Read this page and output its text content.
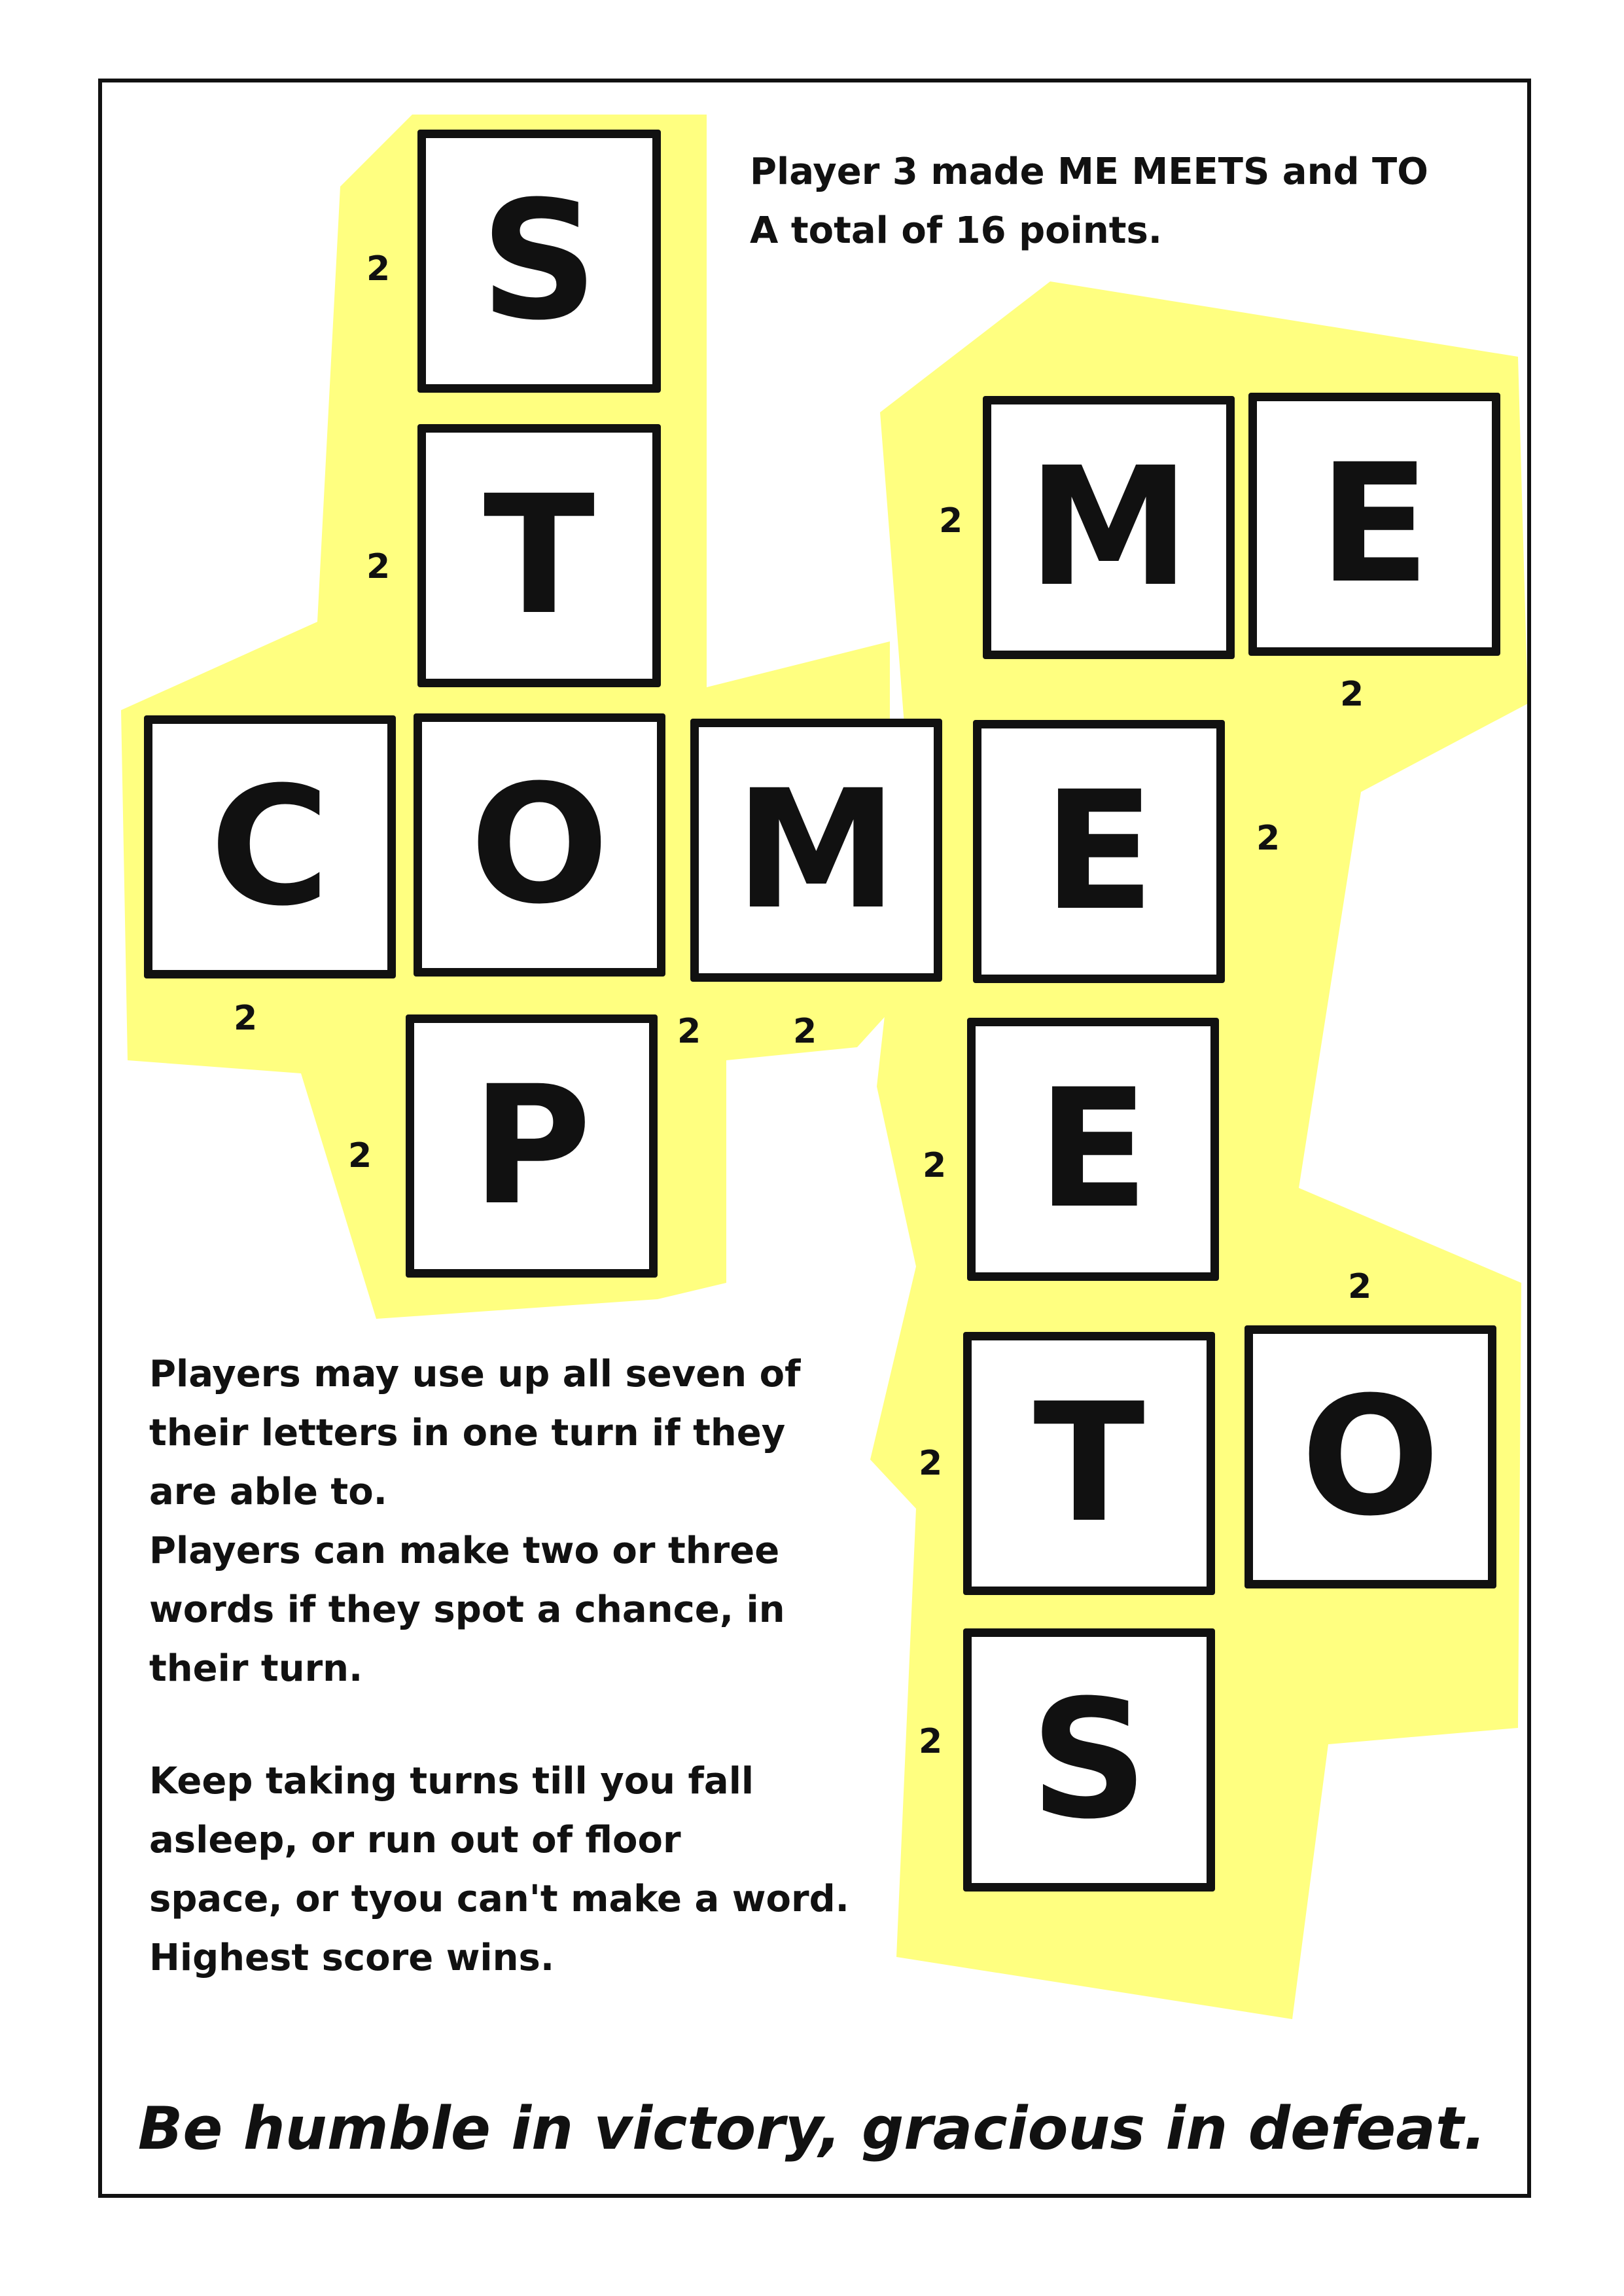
Player 3 made ME MEETS and TO
A total of 16 points.
S
T
C O M E
P
M E
E
T O
S
2
2
2
2
2
2	2	2
2	2
2
2
2
Players may use up all seven of
their letters in one turn if they
are able to.
Players can make two or three
words if they spot a chance, in
their turn.
Keep taking turns till you fall
asleep, or run out of floor
space, or tyou can't make a word.
Highest score wins.
Be humble in victory, gracious in defeat.
